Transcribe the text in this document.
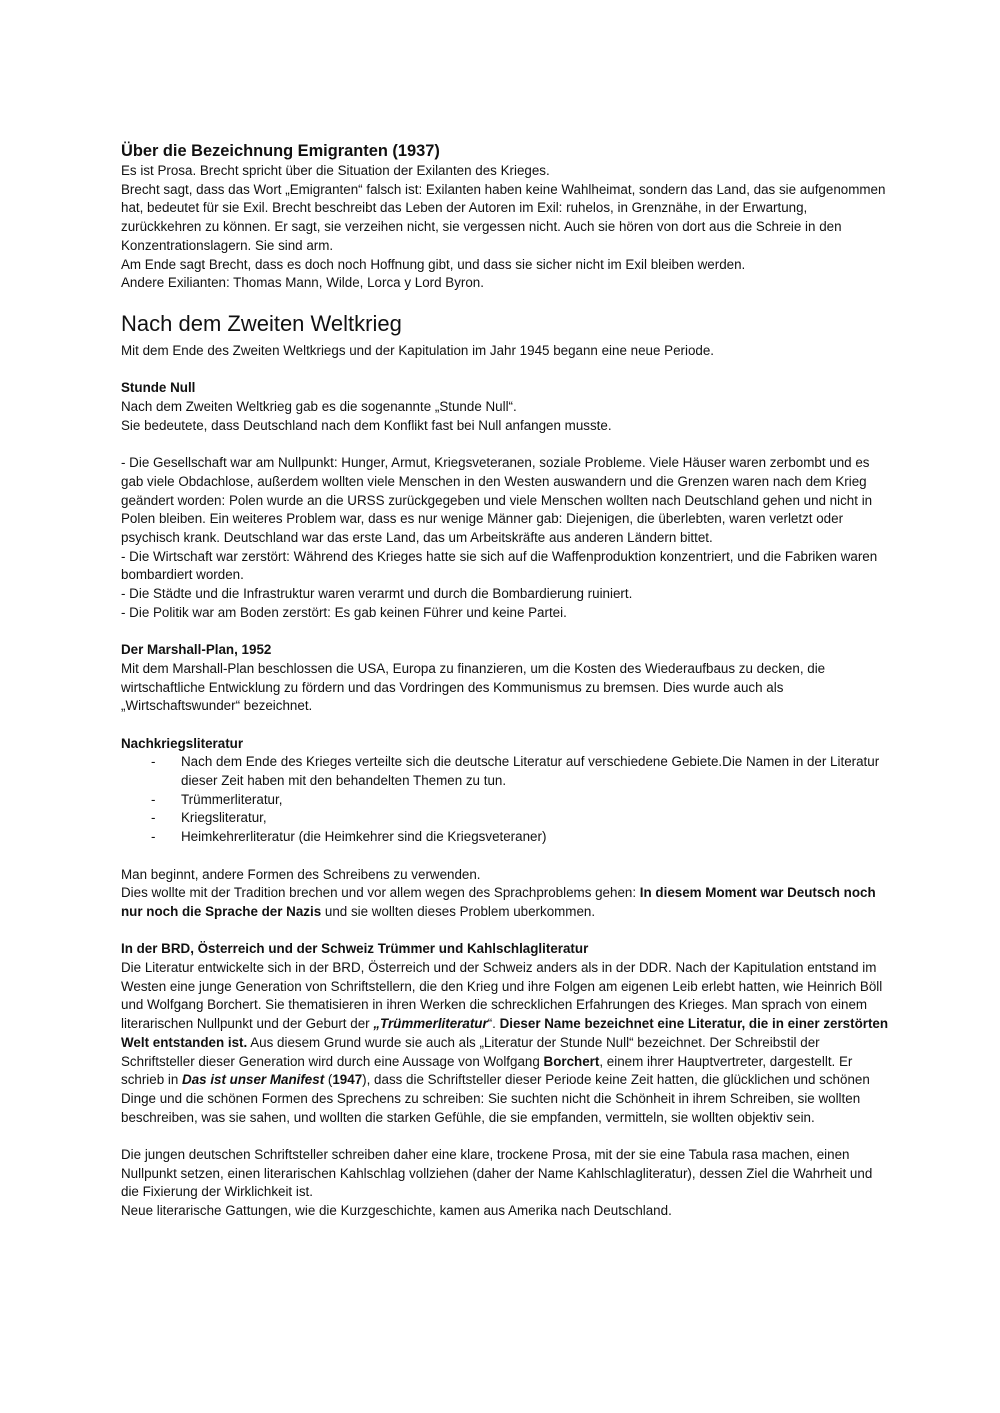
Über die Bezeichnung Emigranten (1937)

Es ist Prosa. Brecht spricht über die Situation der Exilanten des Krieges.

Brecht sagt, dass das Wort „Emigranten“ falsch ist: Exilanten haben keine Wahlheimat, sondern das Land, das sie aufgenommen hat, bedeutet für sie Exil. Brecht beschreibt das Leben der Autoren im Exil: ruhelos, in Grenznähe, in der Erwartung, zurückkehren zu können. Er sagt, sie verzeihen nicht, sie vergessen nicht. Auch sie hören von dort aus die Schreie in den Konzentrationslagern. Sie sind arm.

Am Ende sagt Brecht, dass es doch noch Hoffnung gibt, und dass sie sicher nicht im Exil bleiben werden.

Andere Exilianten: Thomas Mann, Wilde, Lorca y Lord Byron.

Nach dem Zweiten Weltkrieg

Mit dem Ende des Zweiten Weltkriegs und der Kapitulation im Jahr 1945 begann eine neue Periode.

Stunde Null

Nach dem Zweiten Weltkrieg gab es die sogenannte „Stunde Null“.

Sie bedeutete, dass Deutschland nach dem Konflikt fast bei Null anfangen musste.

- Die Gesellschaft war am Nullpunkt: Hunger, Armut, Kriegsveteranen, soziale Probleme. Viele Häuser waren zerbombt und es gab viele Obdachlose, außerdem wollten viele Menschen in den Westen auswandern und die Grenzen waren nach dem Krieg geändert worden: Polen wurde an die URSS zurückgegeben und viele Menschen wollten nach Deutschland gehen und nicht in Polen bleiben. Ein weiteres Problem war, dass es nur wenige Männer gab: Diejenigen, die überlebten, waren verletzt oder psychisch krank. Deutschland war das erste Land, das um Arbeitskräfte aus anderen Ländern bittet.

- Die Wirtschaft war zerstört: Während des Krieges hatte sie sich auf die Waffenproduktion konzentriert, und die Fabriken waren bombardiert worden.

- Die Städte und die Infrastruktur waren verarmt und durch die Bombardierung ruiniert.

- Die Politik war am Boden zerstört: Es gab keinen Führer und keine Partei.

Der Marshall-Plan, 1952

Mit dem Marshall-Plan beschlossen die USA, Europa zu finanzieren, um die Kosten des Wiederaufbaus zu decken, die wirtschaftliche Entwicklung zu fördern und das Vordringen des Kommunismus zu bremsen. Dies wurde auch als „Wirtschaftswunder“ bezeichnet.

Nachkriegsliteratur

- Nach dem Ende des Krieges verteilte sich die deutsche Literatur auf verschiedene Gebiete.Die Namen in der Literatur dieser Zeit haben mit den behandelten Themen zu tun.
- Trümmerliteratur,
- Kriegsliteratur,
- Heimkehrerliteratur (die Heimkehrer sind die Kriegsveteraner)

Man beginnt, andere Formen des Schreibens zu verwenden.

Dies wollte mit der Tradition brechen und vor allem wegen des Sprachproblems gehen: In diesem Moment war Deutsch noch nur noch die Sprache der Nazis und sie wollten dieses Problem uberkommen.

In der BRD, Österreich und der Schweiz Trümmer und Kahlschlagliteratur

Die Literatur entwickelte sich in der BRD, Österreich und der Schweiz anders als in der DDR. Nach der Kapitulation entstand im Westen eine junge Generation von Schriftstellern, die den Krieg und ihre Folgen am eigenen Leib erlebt hatten, wie Heinrich Böll und Wolfgang Borchert. Sie thematisieren in ihren Werken die schrecklichen Erfahrungen des Krieges. Man sprach von einem literarischen Nullpunkt und der Geburt der „Trümmerliteratur“. Dieser Name bezeichnet eine Literatur, die in einer zerstörten Welt entstanden ist. Aus diesem Grund wurde sie auch als „Literatur der Stunde Null“ bezeichnet. Der Schreibstil der Schriftsteller dieser Generation wird durch eine Aussage von Wolfgang Borchert, einem ihrer Hauptvertreter, dargestellt. Er schrieb in Das ist unser Manifest (1947), dass die Schriftsteller dieser Periode keine Zeit hatten, die glücklichen und schönen Dinge und die schönen Formen des Sprechens zu schreiben: Sie suchten nicht die Schönheit in ihrem Schreiben, sie wollten beschreiben, was sie sahen, und wollten die starken Gefühle, die sie empfanden, vermitteln, sie wollten objektiv sein.

Die jungen deutschen Schriftsteller schreiben daher eine klare, trockene Prosa, mit der sie eine Tabula rasa machen, einen Nullpunkt setzen, einen literarischen Kahlschlag vollziehen (daher der Name Kahlschlagliteratur), dessen Ziel die Wahrheit und die Fixierung der Wirklichkeit ist.

Neue literarische Gattungen, wie die Kurzgeschichte, kamen aus Amerika nach Deutschland.
